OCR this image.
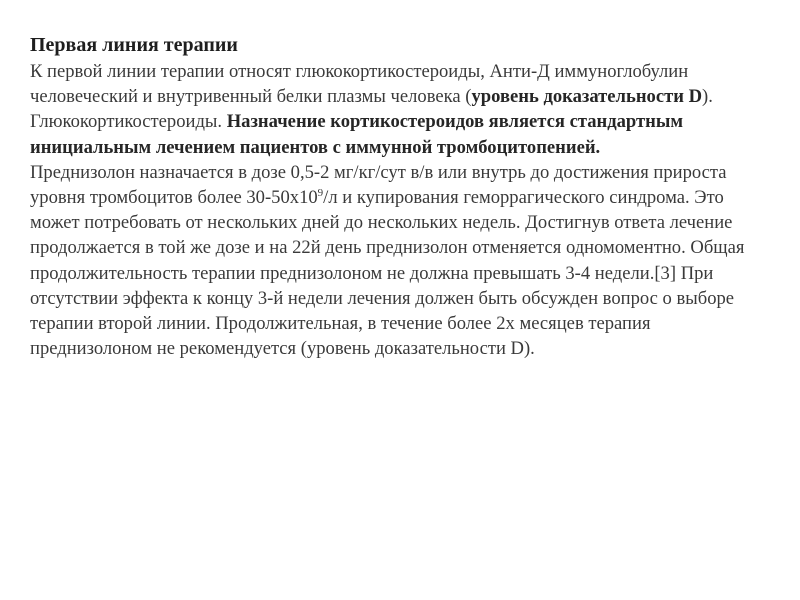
Первая линия терапии

К первой линии терапии относят глюкокортикостероиды, Анти-Д иммуноглобулин человеческий и внутривенный белки плазмы человека (уровень доказательности D).

Глюкокортикостероиды. Назначение кортикостероидов является стандартным инициальным лечением пациентов с иммунной тромбоцитопенией.

Преднизолон назначается в дозе 0,5-2 мг/кг/сут в/в или внутрь до достижения прироста уровня тромбоцитов более $30-50х10^9/л$ и купирования геморрагического синдрома. Это может потребовать от нескольких дней до нескольких недель. Достигнув ответа лечение продолжается в той же дозе и на 22й день преднизолон отменяется одномоментно. Общая продолжительность терапии преднизолоном не должна превышать 3-4 недели.[3] При отсутствии эффекта к концу 3-й недели лечения должен быть обсужден вопрос о выборе терапии второй линии. Продолжительная, в течение более 2х месяцев терапия преднизолоном не рекомендуется (уровень доказательности D).
